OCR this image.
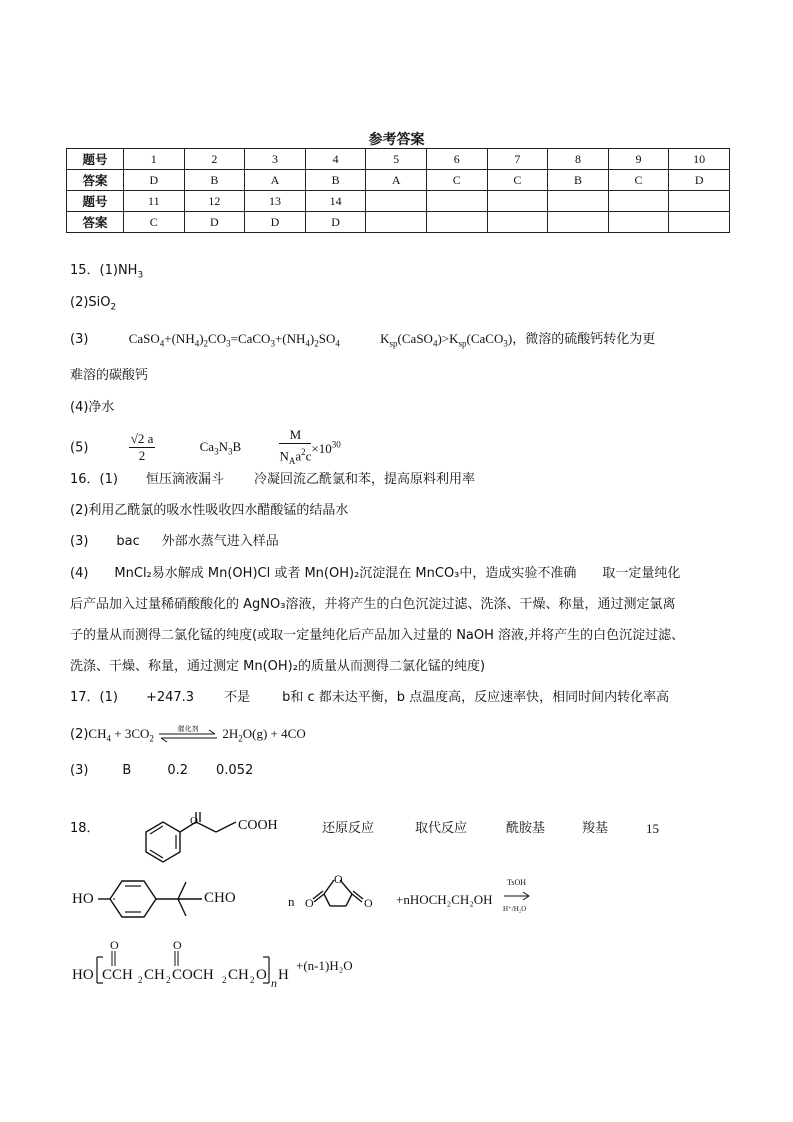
参考答案
题号	1	2	3	4	5	6	7	8	9	10
答案	D	B	A	B	A	C	C	B	C	D
题号	11	12	13	14						
答案	C	D	D	D						
15．$(1)NH_3$
(2)SiO$_2$
(3)	$CaSO_4+(NH_4)_2CO_3=CaCO_3+(NH_4)_2SO_4$	$K_{sp}(CaSO_4)>K_{sp}(CaCO_3)$，微溶的硫酸钙转化为更
难溶的碳酸钙
(4)净水
(5)	$\frac{√2 a}{2}$	$Ca_3N_3B$	$\frac{M}{N_Aa^2c} \times 10^{30}$
16．(1) 恒压滴液漏斗 冷凝回流乙酰氯和苯，提高原料利用率
(2)利用乙酰氯的吸水性吸收四水醋酸锰的结晶水
(3) bac 外部水蒸气进入样品
(4)　　MnCl₂易水解成 Mn(OH)Cl 或者 Mn(OH)₂沉淀混在 MnCO₃中，造成实验不准确　　取一定量纯化
后产品加入过量稀硝酸酸化的 AgNO₃溶液，并将产生的白色沉淀过滤、洗涤、干燥、称量，通过测定氯离
子的量从而测得二氯化锰的纯度(或取一定量纯化后产品加入过量的 NaOH 溶液,并将产生的白色沉淀过滤、
洗涤、干燥、称量，通过测定 Mn(OH)₂的质量从而测得二氯化锰的纯度)
17．(1) +247.3 不是 b和 c 都未达平衡，b 点温度高，反应速率快，相同时间内转化率高
$(2)CH_4 + 3CO_2$
催化剂	$2H_2O(g) + 4CO$
(3)	B	0.2 0.052
18．	O	COOH	还原反应	取代反应	酰胺基	羧基	15
HO	CHO	n
O
O	O +nHOCH₂CH₂OH
TsOH
H⁺/H₂O
HO CCH 2 CH 2 COCH 2 CH 2 O n H
O	O
+(n-1)H₂O
